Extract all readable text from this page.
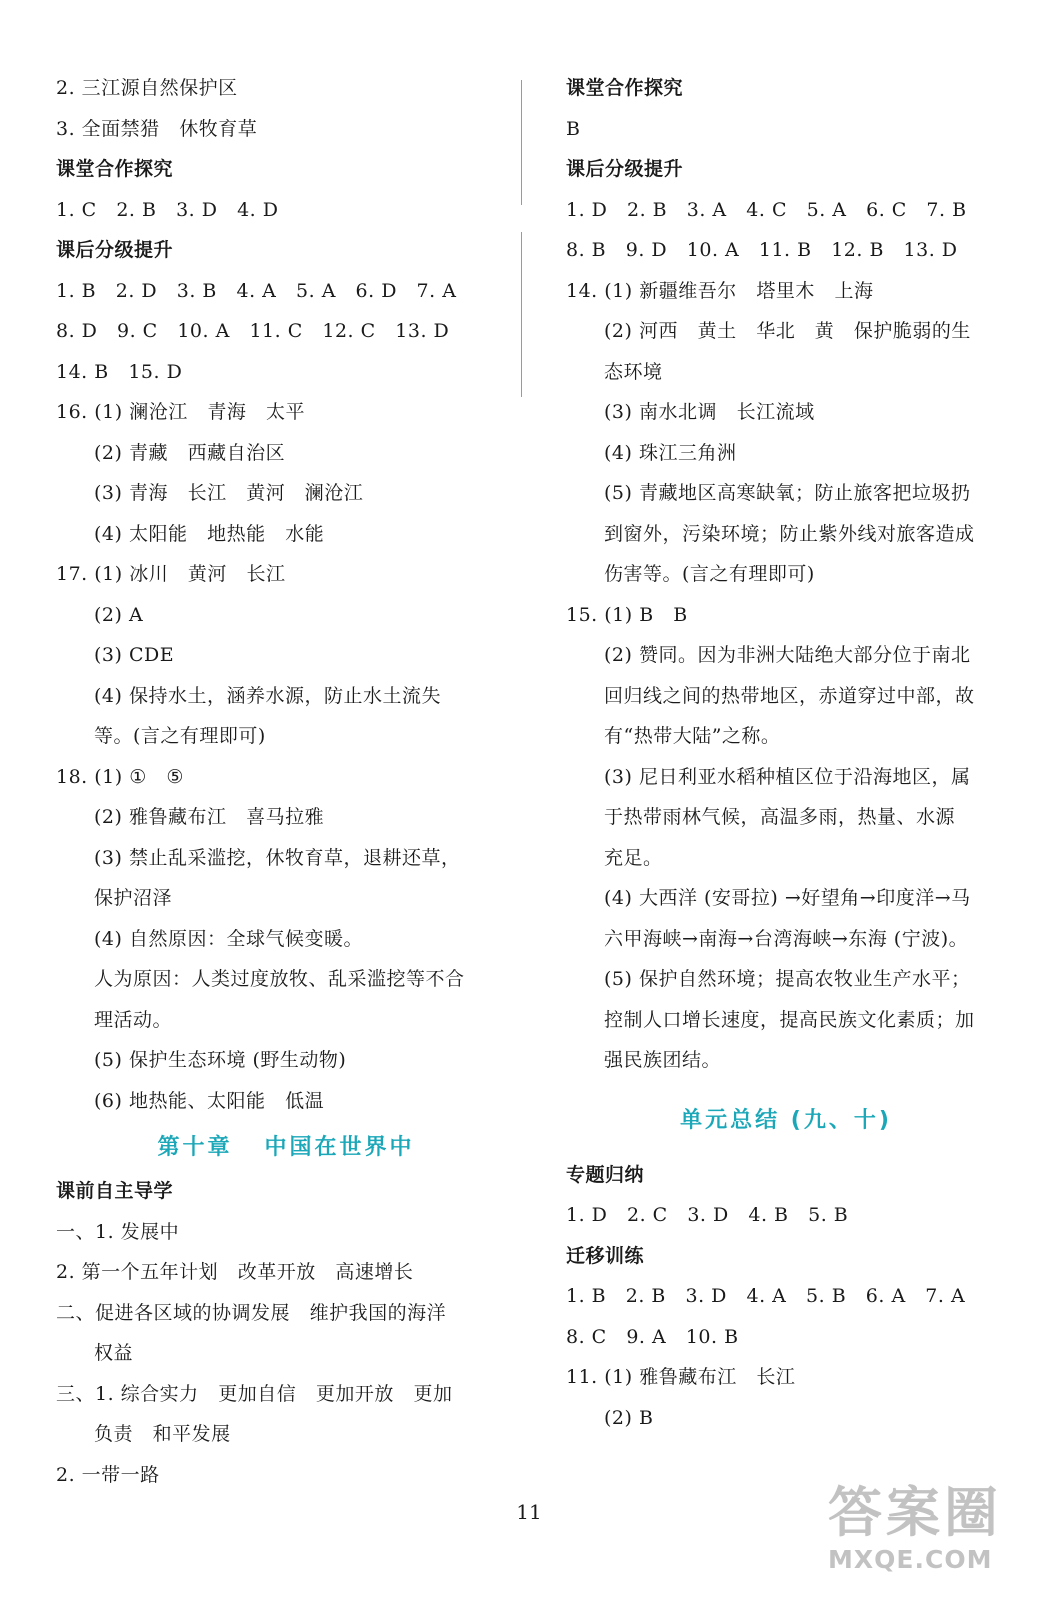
2. 三江源自然保护区
3. 全面禁猎   休牧育草
课堂合作探究
1. C   2. B   3. D   4. D
课后分级提升
1. B   2. D   3. B   4. A   5. A   6. D   7. A
8. D   9. C   10. A   11. C   12. C   13. D
14. B   15. D
16. (1) 澜沧江   青海   太平
(2) 青藏   西藏自治区
(3) 青海   长江   黄河   澜沧江
(4) 太阳能   地热能   水能
17. (1) 冰川   黄河   长江
(2) A
(3) CDE
(4) 保持水土，涵养水源，防止水土流失
等。(言之有理即可)
18. (1) ①   ⑤
(2) 雅鲁藏布江   喜马拉雅
(3) 禁止乱采滥挖，休牧育草，退耕还草，
保护沼泽
(4) 自然原因：全球气候变暖。
人为原因：人类过度放牧、乱采滥挖等不合
理活动。
(5) 保护生态环境 (野生动物)
(6) 地热能、太阳能   低温
第十章   中国在世界中
课前自主导学
一、1. 发展中
2. 第一个五年计划   改革开放   高速增长
二、促进各区域的协调发展   维护我国的海洋
权益
三、1. 综合实力   更加自信   更加开放   更加
负责   和平发展
2. 一带一路
课堂合作探究
B
课后分级提升
1. D   2. B   3. A   4. C   5. A   6. C   7. B
8. B   9. D   10. A   11. B   12. B   13. D
14. (1) 新疆维吾尔   塔里木   上海
(2) 河西   黄土   华北   黄   保护脆弱的生
态环境
(3) 南水北调   长江流域
(4) 珠江三角洲
(5) 青藏地区高寒缺氧；防止旅客把垃圾扔
到窗外，污染环境；防止紫外线对旅客造成
伤害等。(言之有理即可)
15. (1) B   B
(2) 赞同。因为非洲大陆绝大部分位于南北
回归线之间的热带地区，赤道穿过中部，故
有“热带大陆”之称。
(3) 尼日利亚水稻种植区位于沿海地区，属
于热带雨林气候，高温多雨，热量、水源
充足。
(4) 大西洋 (安哥拉) →好望角→印度洋→马
六甲海峡→南海→台湾海峡→东海 (宁波)。
(5) 保护自然环境；提高农牧业生产水平；
控制人口增长速度，提高民族文化素质；加
强民族团结。
单元总结 (九、十)
专题归纳
1. D   2. C   3. D   4. B   5. B
迁移训练
1. B   2. B   3. D   4. A   5. B   6. A   7. A
8. C   9. A   10. B
11. (1) 雅鲁藏布江   长江
(2) B
11	答案圈
MXQE.COM
